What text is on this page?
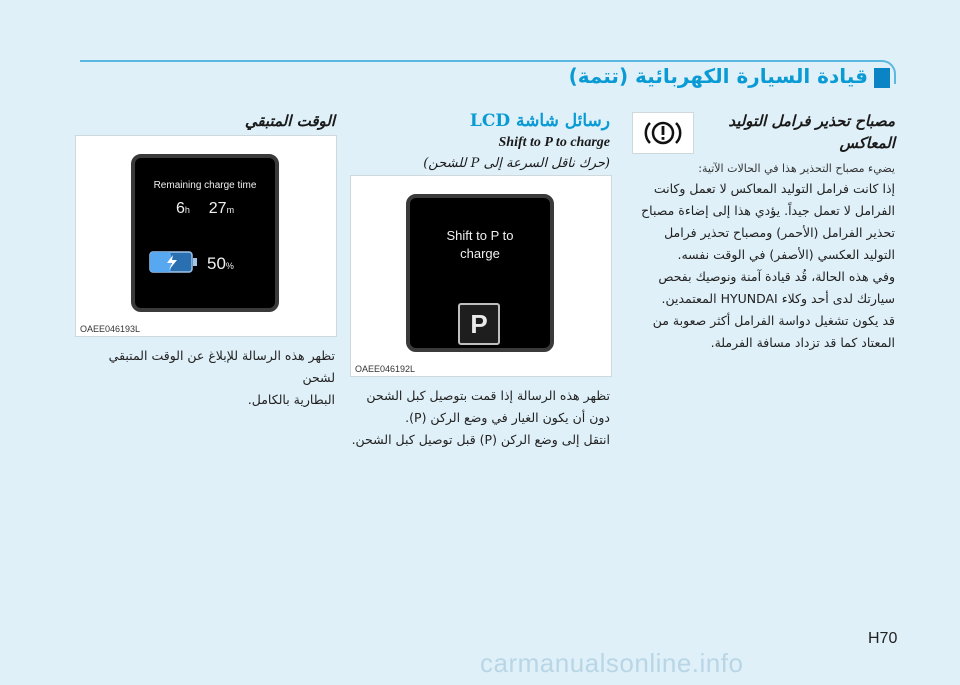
قيادة السيارة الكهربائية (تتمة)
مصباح تحذير فرامل التوليد
المعاكس
يضيء مصباح التحذير هذا في الحالات الآتية:
إذا كانت فرامل التوليد المعاكس لا تعمل وكانت
الفرامل لا تعمل جيداً. يؤدي هذا إلى إضاءة مصباح
تحذير الفرامل (الأحمر) ومصباح تحذير فرامل
التوليد العكسي (الأصفر) في الوقت نفسه.
وفي هذه الحالة، قُد قيادة آمنة ونوصيك بفحص
سيارتك لدى أحد وكلاء HYUNDAI المعتمدين.
قد يكون تشغيل دواسة الفرامل أكثر صعوبة من
المعتاد كما قد تزداد مسافة الفرملة.
رسائل شاشة LCD
Shift to P to charge
(حرك ناقل السرعة إلى P للشحن)
Shift to P to
charge
P
OAEE046192L
تظهر هذه الرسالة إذا قمت بتوصيل كبل الشحن
دون أن يكون الغيار في وضع الركن (P).
انتقل إلى وضع الركن (P) قبل توصيل كبل الشحن.
الوقت المتبقي
Remaining charge time
6h 27m
50%
OAEE046193L
تظهر هذه الرسالة للإبلاغ عن الوقت المتبقي لشحن
البطارية بالكامل.
H70
carmanualsonline.info
